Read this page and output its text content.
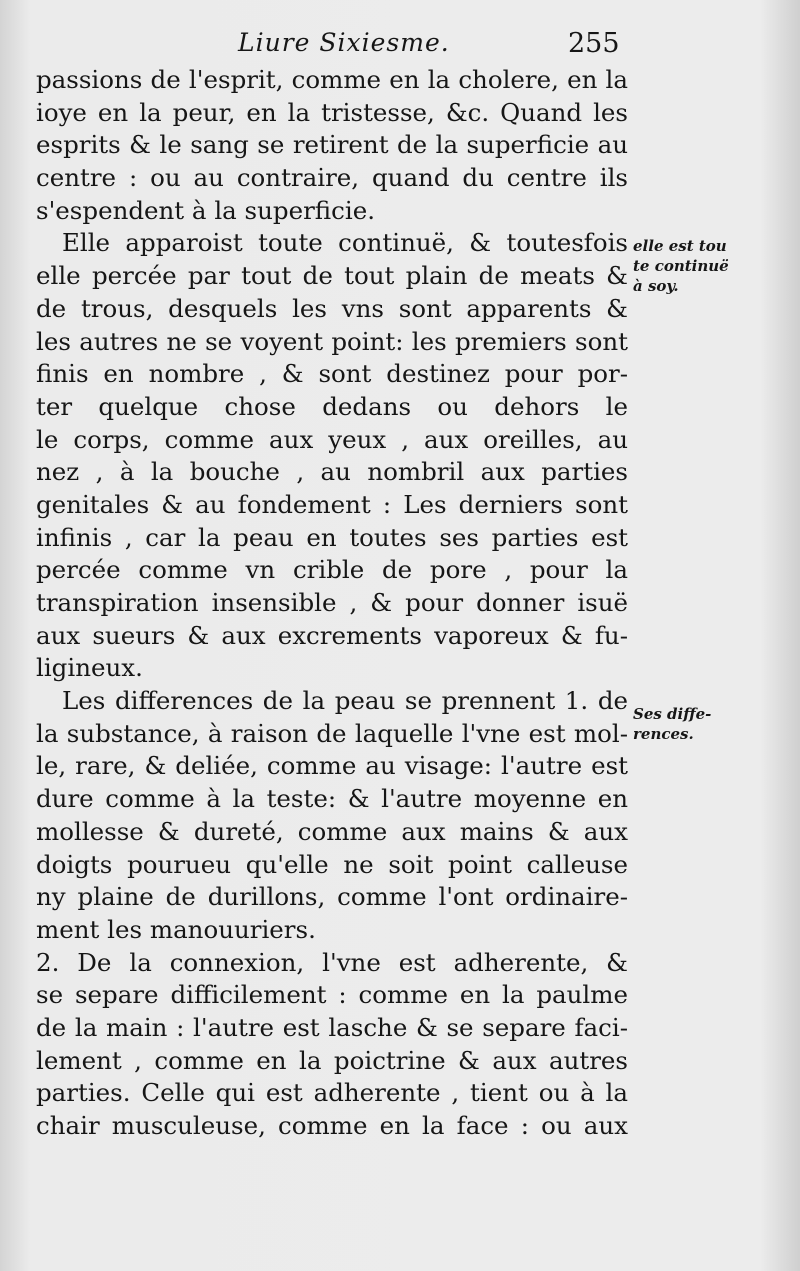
Liure Sixiesme.	255
passions de l'esprit, comme en la cholere, en la
ioye en la peur, en la tristesse, &c. Quand les
esprits & le sang se retirent de la superficie au
centre : ou au contraire, quand du centre ils
s'espendent à la superficie.
Elle apparoist toute continuë, & toutesfois
elle percée par tout de tout plain de meats &
de trous, desquels les vns sont apparents &
les autres ne se voyent point: les premiers sont
finis en nombre , & sont destinez pour por-
ter quelque chose dedans ou dehors le
le corps, comme aux yeux , aux oreilles, au
nez , à la bouche , au nombril aux parties
genitales & au fondement : Les derniers sont
infinis , car la peau en toutes ses parties est
percée comme vn crible de pore , pour la
transpiration insensible , & pour donner isuë
aux sueurs & aux excrements vaporeux & fu-
ligineux.
Les differences de la peau se prennent 1. de
la substance, à raison de laquelle l'vne est mol-
le, rare, & deliée, comme au visage: l'autre est
dure comme à la teste: & l'autre moyenne en
mollesse & dureté, comme aux mains & aux
doigts pourueu qu'elle ne soit point calleuse
ny plaine de durillons, comme l'ont ordinaire-
ment les manouuriers.
2. De la connexion, l'vne est adherente, &
se separe difficilement : comme en la paulme
de la main : l'autre est lasche & se separe faci-
lement , comme en la poictrine & aux autres
parties. Celle qui est adherente , tient ou à la
chair musculeuse, comme en la face : ou aux
elle est tou
te continuë
à soy.
Ses diffe-
rences.
